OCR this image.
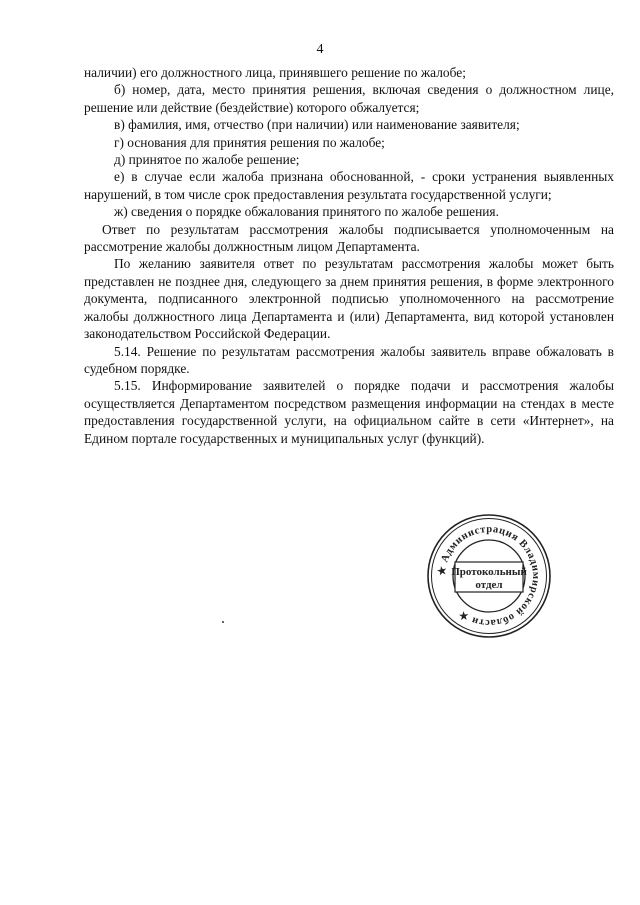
4

наличии) его должностного лица, принявшего решение по жалобе;

б) номер, дата, место принятия решения, включая сведения о должностном лице, решение или действие (бездействие) которого обжалуется;

в) фамилия, имя, отчество (при наличии) или наименование заявителя;

г) основания для принятия решения по жалобе;

д) принятое по жалобе решение;

е) в случае если жалоба признана обоснованной, - сроки устранения выявленных нарушений, в том числе срок предоставления результата государственной услуги;

ж) сведения о порядке обжалования принятого по жалобе решения.

Ответ по результатам рассмотрения жалобы подписывается уполномоченным на рассмотрение жалобы должностным лицом Департамента.

По желанию заявителя ответ по результатам рассмотрения жалобы может быть представлен не позднее дня, следующего за днем принятия решения, в форме электронного документа, подписанного электронной подписью уполномоченного на рассмотрение жалобы должностного лица Департамента и (или) Департамента, вид которой установлен законодательством Российской Федерации.

5.14. Решение по результатам рассмотрения жалобы заявитель вправе обжаловать в судебном порядке.

5.15. Информирование заявителей о порядке подачи и рассмотрения жалобы осуществляется Департаментом посредством размещения информации на стендах в месте предоставления государственной услуги, на официальном сайте в сети «Интернет», на Едином портале государственных и муниципальных услуг (функций).

★ Администрация Владимирской области ★
Протокольный
отдел
